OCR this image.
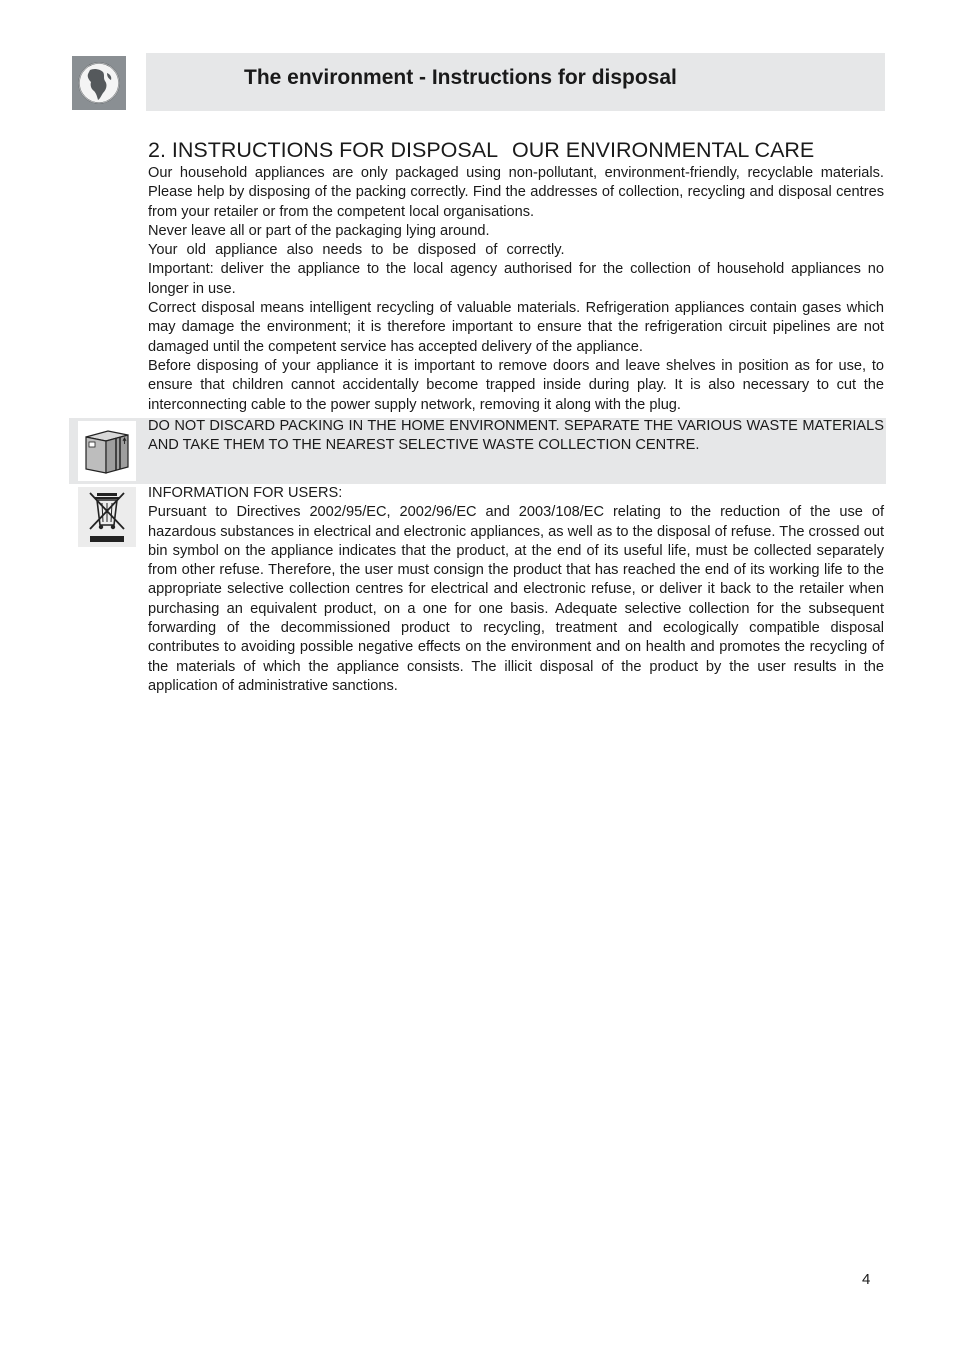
The environment - Instructions for disposal
2. INSTRUCTIONS FOR DISPOSAL OUR ENVIRONMENTAL CARE

Our household appliances are only packaged using non-pollutant, environment-friendly, recyclable materials. Please help by disposing of the packing correctly. Find the addresses of collection, recycling and disposal centres from your retailer or from the competent local organisations.

Never leave all or part of the packaging lying around.

Your old appliance also needs to be disposed of correctly.

Important: deliver the appliance to the local agency authorised for the collection of household appliances no longer in use.

Correct disposal means intelligent recycling of valuable materials. Refrigeration appliances contain gases which may damage the environment; it is therefore important to ensure that the refrigeration circuit pipelines are not damaged until the competent service has accepted delivery of the appliance.

Before disposing of your appliance it is important to remove doors and leave shelves in position as for use, to ensure that children cannot accidentally become trapped inside during play. It is also necessary to cut the interconnecting cable to the power supply network, removing it along with the plug.

DO NOT DISCARD PACKING IN THE HOME ENVIRONMENT. SEPARATE THE VARIOUS WASTE MATERIALS AND TAKE THEM TO THE NEAREST SELECTIVE WASTE COLLECTION CENTRE.

INFORMATION FOR USERS:

Pursuant to Directives 2002/95/EC, 2002/96/EC and 2003/108/EC relating to the reduction of the use of hazardous substances in electrical and electronic appliances, as well as to the disposal of refuse. The crossed out bin symbol on the appliance indicates that the product, at the end of its useful life, must be collected separately from other refuse. Therefore, the user must consign the product that has reached the end of its working life to the appropriate selective collection centres for electrical and electronic refuse, or deliver it back to the retailer when purchasing an equivalent product, on a one for one basis. Adequate selective collection for the subsequent forwarding of the decommissioned product to recycling, treatment and ecologically compatible disposal contributes to avoiding possible negative effects on the environment and on health and promotes the recycling of the materials of which the appliance consists. The illicit disposal of the product by the user results in the application of administrative sanctions.

4
